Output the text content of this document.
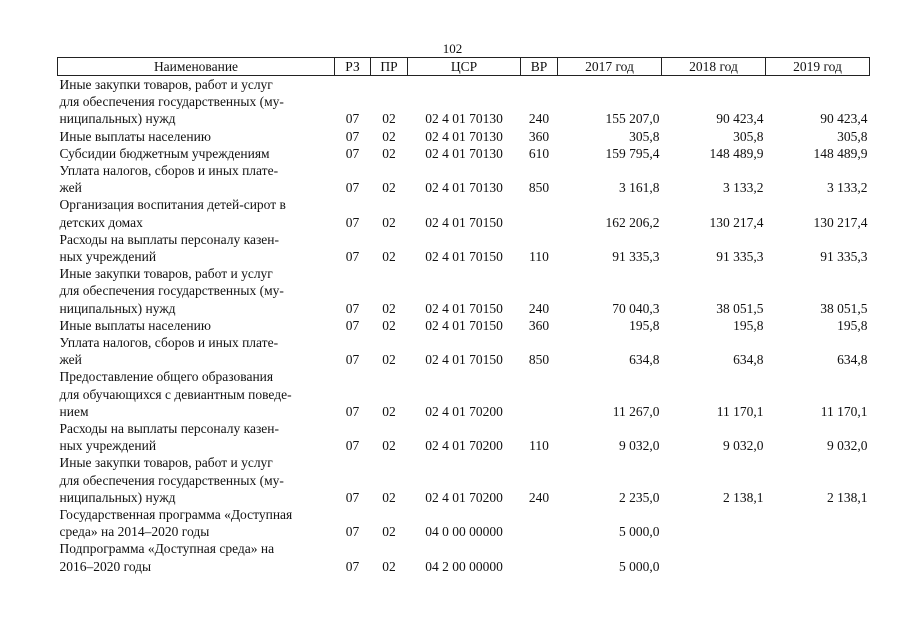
102
Наименование	РЗ	ПР	ЦСР	ВР	2017 год	2018 год	2019 год
Иные закупки товаров, работ и услуг
для обеспечения государственных (му-
ниципальных) нужд	07	02	02 4 01 70130	240	155 207,0	90 423,4	90 423,4
Иные выплаты населению	07	02	02 4 01 70130	360	305,8	305,8	305,8
Субсидии бюджетным учреждениям	07	02	02 4 01 70130	610	159 795,4	148 489,9	148 489,9
Уплата налогов, сборов и иных плате-
жей	07	02	02 4 01 70130	850	3 161,8	3 133,2	3 133,2
Организация воспитания детей-сирот в
детских домах	07	02	02 4 01 70150		162 206,2	130 217,4	130 217,4
Расходы на выплаты персоналу казен-
ных учреждений	07	02	02 4 01 70150	110	91 335,3	91 335,3	91 335,3
Иные закупки товаров, работ и услуг
для обеспечения государственных (му-
ниципальных) нужд	07	02	02 4 01 70150	240	70 040,3	38 051,5	38 051,5
Иные выплаты населению	07	02	02 4 01 70150	360	195,8	195,8	195,8
Уплата налогов, сборов и иных плате-
жей	07	02	02 4 01 70150	850	634,8	634,8	634,8
Предоставление общего образования
для обучающихся с девиантным поведе-
нием	07	02	02 4 01 70200		11 267,0	11 170,1	11 170,1
Расходы на выплаты персоналу казен-
ных учреждений	07	02	02 4 01 70200	110	9 032,0	9 032,0	9 032,0
Иные закупки товаров, работ и услуг
для обеспечения государственных (му-
ниципальных) нужд	07	02	02 4 01 70200	240	2 235,0	2 138,1	2 138,1
Государственная программа «Доступная
среда» на 2014–2020 годы	07	02	04 0 00 00000		5 000,0		
Подпрограмма «Доступная среда» на
2016–2020 годы	07	02	04 2 00 00000		5 000,0		
